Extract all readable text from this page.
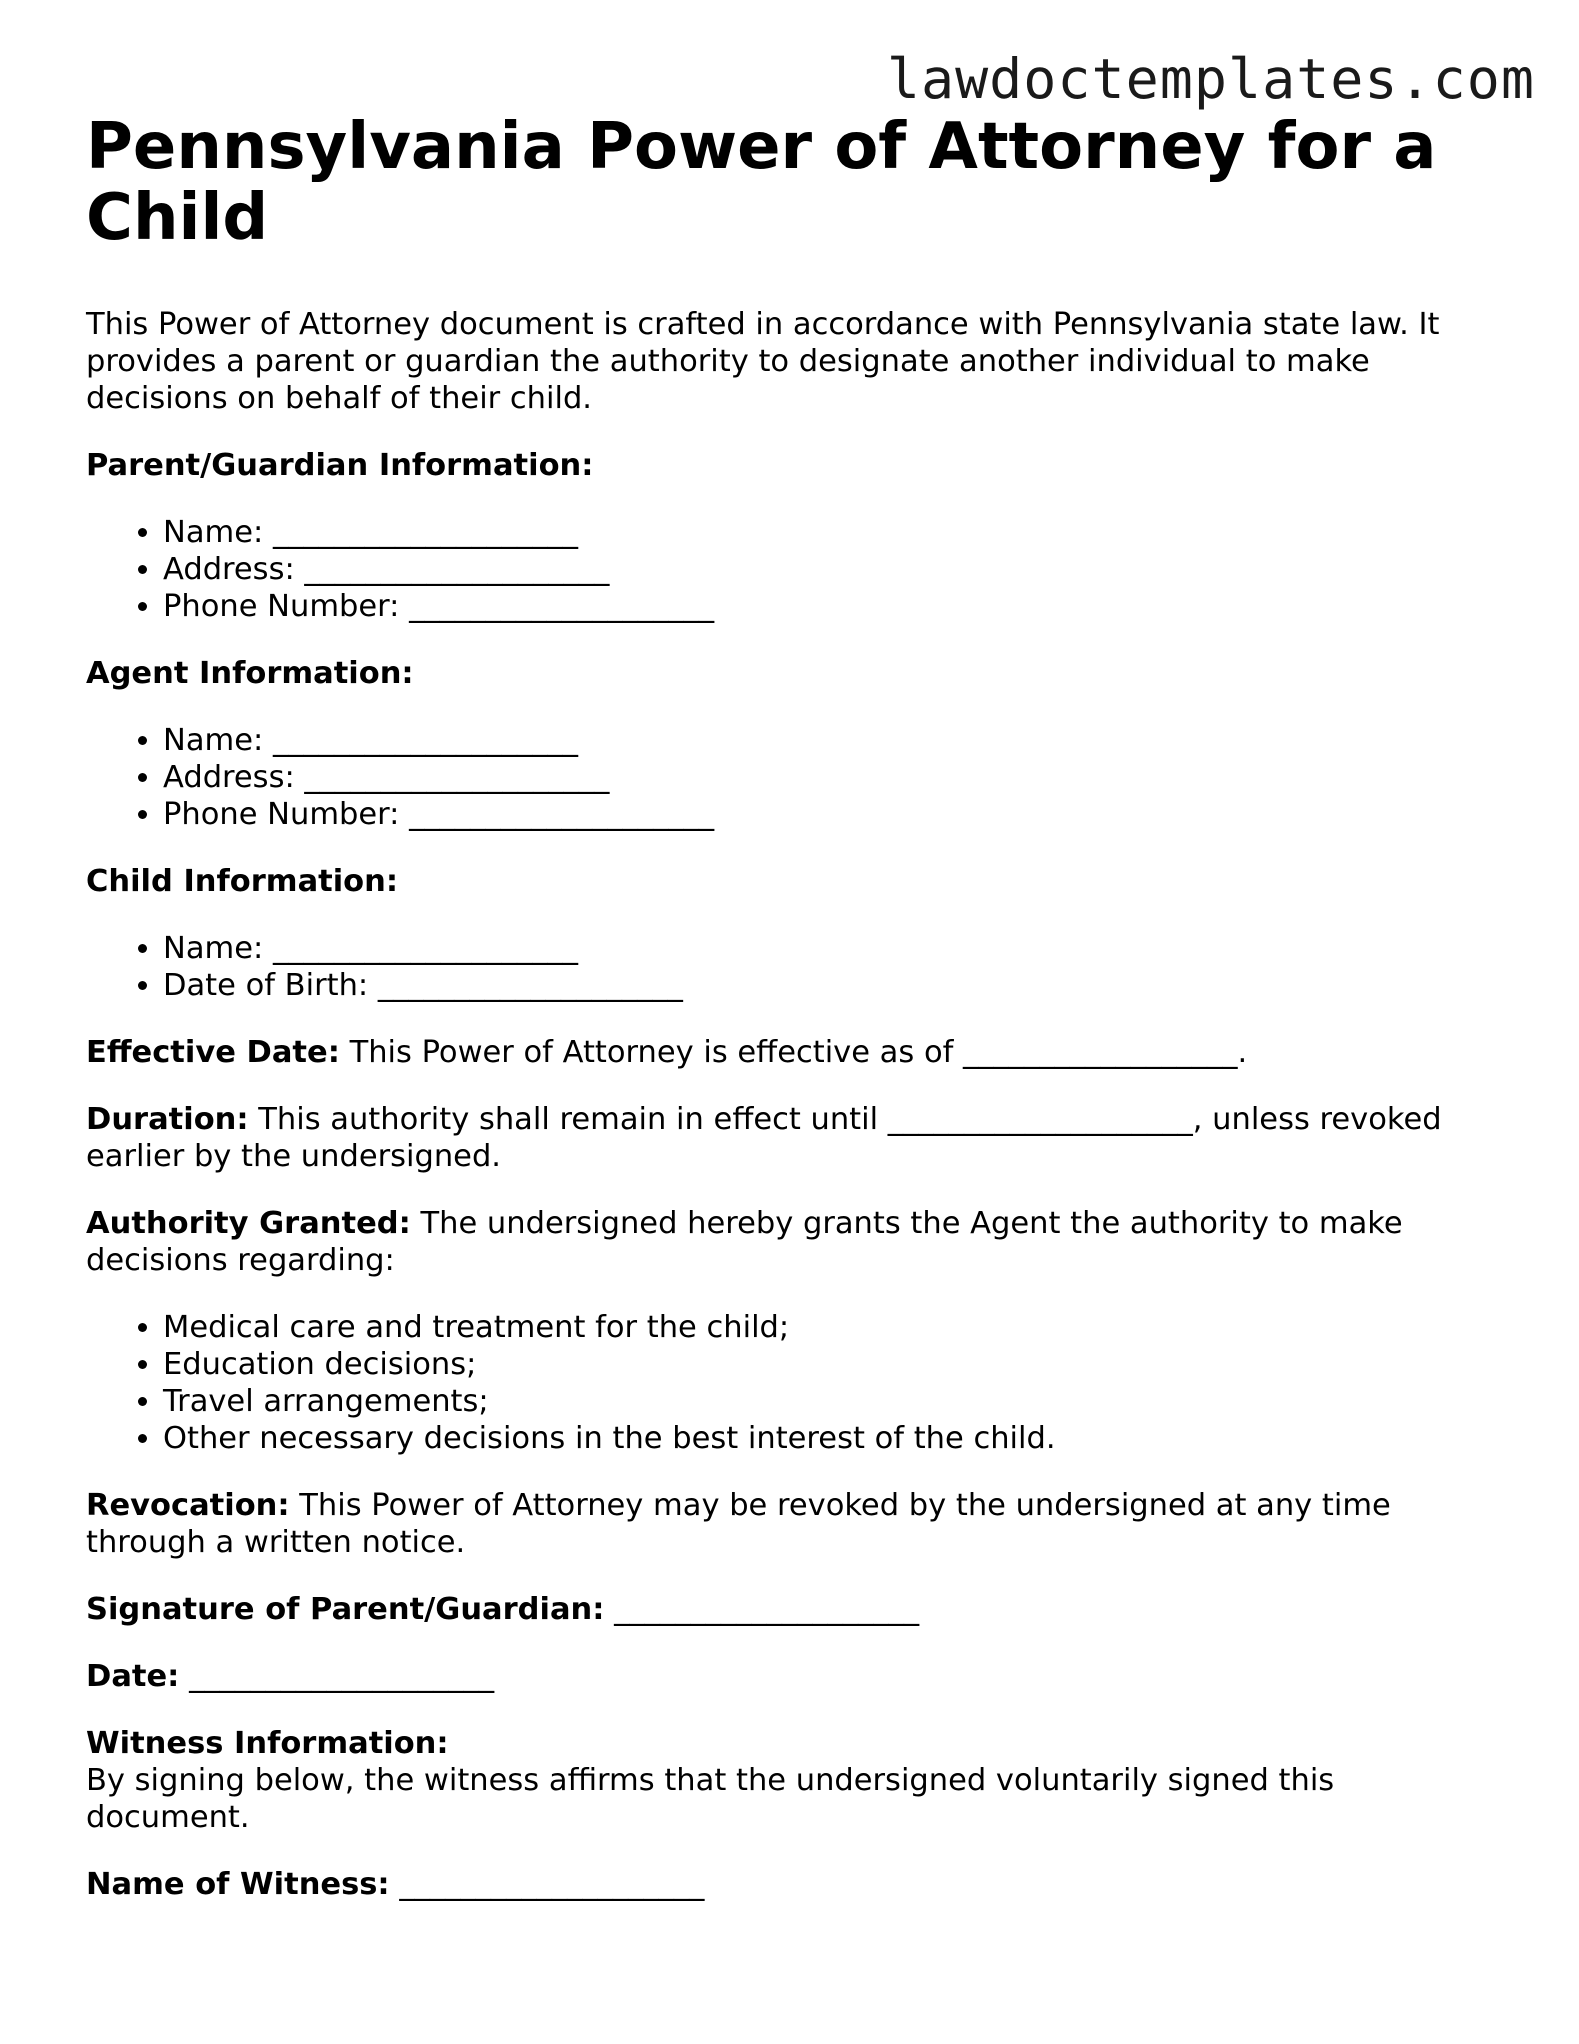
lawdoctemplates.com
Pennsylvania Power of Attorney for a Child

This Power of Attorney document is crafted in accordance with Pennsylvania state law. It provides a parent or guardian the authority to designate another individual to make decisions on behalf of their child.

Parent/Guardian Information:
• Name: ____________________
• Address: ____________________
• Phone Number: ____________________
Agent Information:
• Name: ____________________
• Address: ____________________
• Phone Number: ____________________
Child Information:
• Name: ____________________
• Date of Birth: ____________________

Effective Date: This Power of Attorney is effective as of __________________.

Duration: This authority shall remain in effect until ____________________, unless revoked earlier by the undersigned.

Authority Granted: The undersigned hereby grants the Agent the authority to make decisions regarding:

• Medical care and treatment for the child;
• Education decisions;
• Travel arrangements;
• Other necessary decisions in the best interest of the child.

Revocation: This Power of Attorney may be revoked by the undersigned at any time through a written notice.

Signature of Parent/Guardian: ____________________

Date: ____________________

Witness Information:
By signing below, the witness affirms that the undersigned voluntarily signed this document.

Name of Witness: ____________________
